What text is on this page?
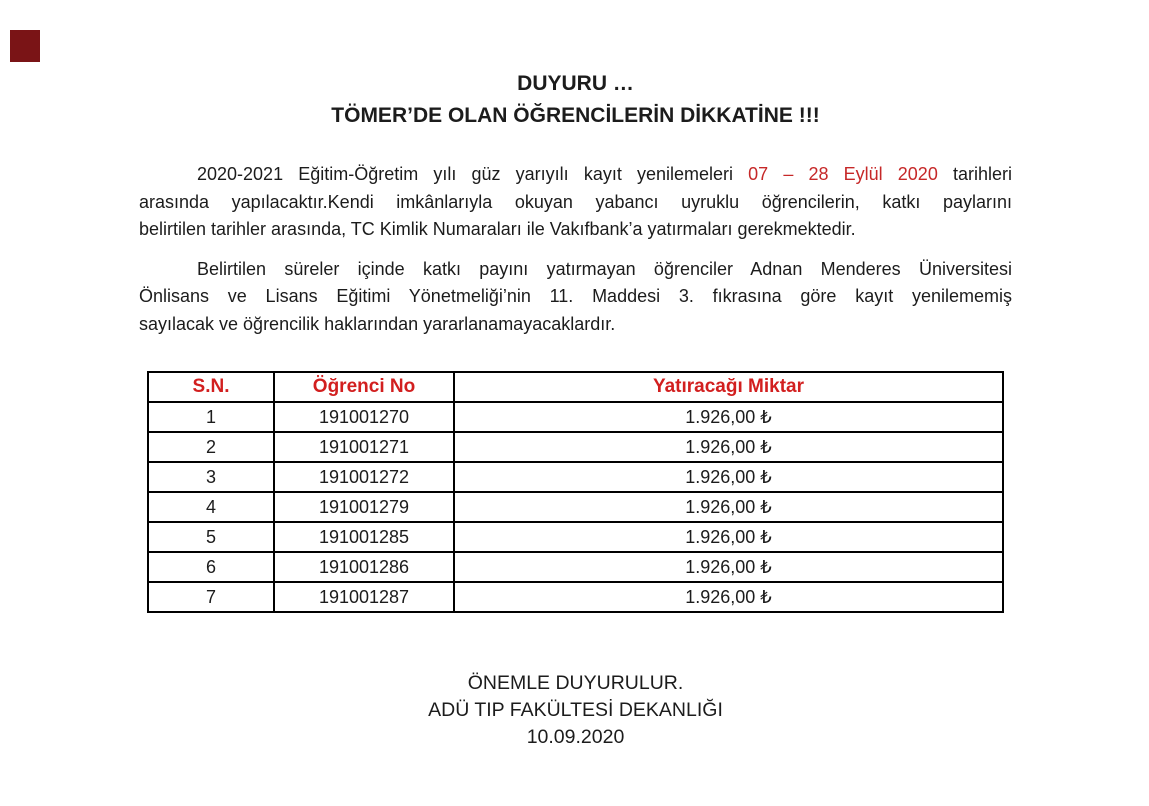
DUYURU …
TÖMER’DE OLAN ÖĞRENCİLERİN DİKKATİNE !!!
2020-2021 Eğitim-Öğretim yılı güz yarıyılı kayıt yenilemeleri 07 – 28 Eylül 2020 tarihleri
arasında yapılacaktır.Kendi imkânlarıyla okuyan yabancı uyruklu öğrencilerin, katkı paylarını
belirtilen tarihler arasında, TC Kimlik Numaraları ile Vakıfbank’a yatırmaları gerekmektedir.
Belirtilen süreler içinde katkı payını yatırmayan öğrenciler Adnan Menderes Üniversitesi
Önlisans ve Lisans Eğitimi Yönetmeliği’nin 11. Maddesi 3. fıkrasına göre kayıt yenilememiş
sayılacak ve öğrencilik haklarından yararlanamayacaklardır.
S.N.	Öğrenci No	Yatıracağı Miktar
1	191001270	1.926,00 ₺
2	191001271	1.926,00 ₺
3	191001272	1.926,00 ₺
4	191001279	1.926,00 ₺
5	191001285	1.926,00 ₺
6	191001286	1.926,00 ₺
7	191001287	1.926,00 ₺
ÖNEMLE DUYURULUR.
ADÜ TIP FAKÜLTESİ DEKANLIĞI
10.09.2020
